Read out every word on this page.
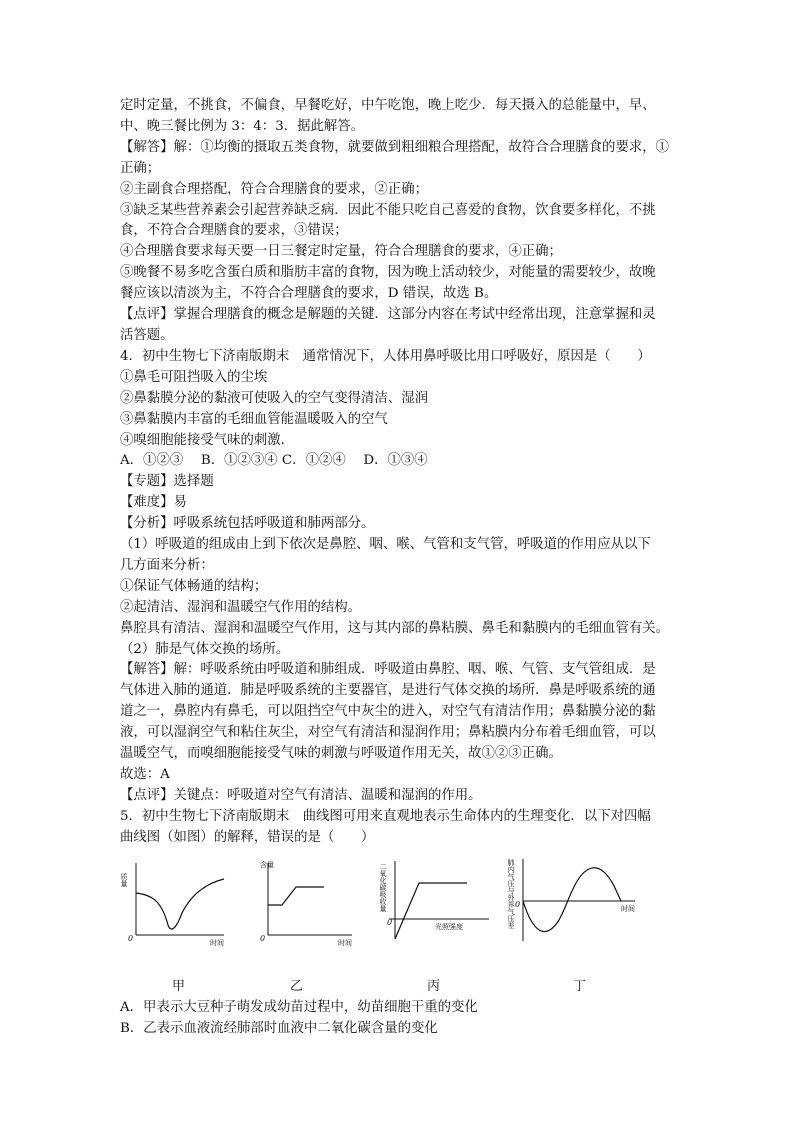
定时定量，不挑食，不偏食，早餐吃好，中午吃饱，晚上吃少．每天摄入的总能量中，早、
中、晚三餐比例为 3：4：3．据此解答。
【解答】解：①均衡的摄取五类食物，就要做到粗细粮合理搭配，故符合合理膳食的要求，①
正确；
②主副食合理搭配，符合合理膳食的要求，②正确；
③缺乏某些营养素会引起营养缺乏病．因此不能只吃自己喜爱的食物，饮食要多样化，不挑
食，不符合合理膳食的要求，③错误；
④合理膳食要求每天要一日三餐定时定量，符合合理膳食的要求，④正确；
⑤晚餐不易多吃含蛋白质和脂肪丰富的食物，因为晚上活动较少，对能量的需要较少，故晚
餐应该以清淡为主，不符合合理膳食的要求，D 错误，故选 B。
【点评】掌握合理膳食的概念是解题的关键．这部分内容在考试中经常出现，注意掌握和灵
活答题。
4．初中生物七下济南版期末　通常情况下，人体用鼻呼吸比用口呼吸好，原因是（　　）
①鼻毛可阻挡吸入的尘埃
②鼻黏膜分泌的黏液可使吸入的空气变得清洁、湿润
③鼻黏膜内丰富的毛细血管能温暖吸入的空气
④嗅细胞能接受气味的刺激．
A．①②③　 B．①②③④ C．①②④　 D．①③④
【专题】选择题
【难度】易
【分析】呼吸系统包括呼吸道和肺两部分。
（1）呼吸道的组成由上到下依次是鼻腔、咽、喉、气管和支气管，呼吸道的作用应从以下
几方面来分析：
①保证气体畅通的结构；
②起清洁、湿润和温暖空气作用的结构。
鼻腔具有清洁、湿润和温暖空气作用，这与其内部的鼻粘膜、鼻毛和黏膜内的毛细血管有关。
（2）肺是气体交换的场所。
【解答】解：呼吸系统由呼吸道和肺组成．呼吸道由鼻腔、咽、喉、气管、支气管组成．是
气体进入肺的通道．肺是呼吸系统的主要器官，是进行气体交换的场所．鼻是呼吸系统的通
道之一，鼻腔内有鼻毛，可以阻挡空气中灰尘的进入，对空气有清洁作用；鼻黏膜分泌的黏
液，可以湿润空气和粘住灰尘，对空气有清洁和湿润作用；鼻粘膜内分布着毛细血管，可以
温暖空气，而嗅细胞能接受气味的刺激与呼吸道作用无关，故①②③正确。
故选：A
【点评】关键点：呼吸道对空气有清洁、温暖和湿润的作用。
5．初中生物七下济南版期末　曲线图可用来直观地表示生命体内的生理变化．以下对四幅
曲线图（如图）的解释，错误的是（　　）
质量
时间
0
甲
含量
时间
0
乙
二氧化碳吸收量
光照强度
0
丙
肺内气压与外界气压差	时间
0
丁
A．甲表示大豆种子萌发成幼苗过程中，幼苗细胞干重的变化
B．乙表示血液流经肺部时血液中二氧化碳含量的变化
